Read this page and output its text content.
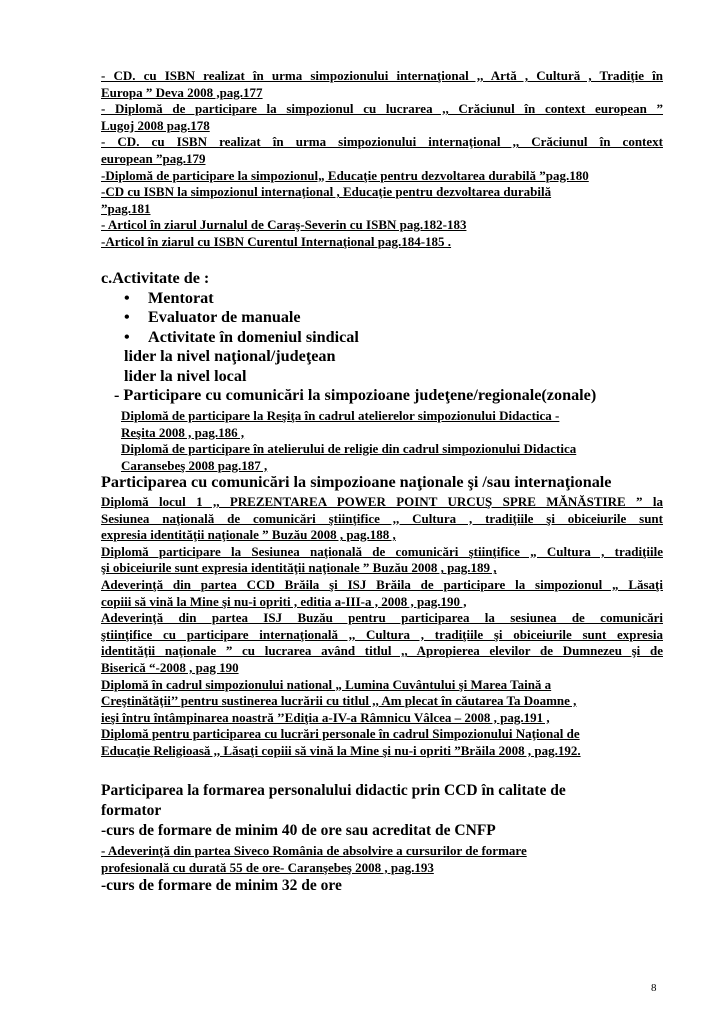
- CD. cu ISBN realizat în urma simpozionului internaţional ,, Artă , Cultură , Tradiţie în
Europa ” Deva 2008 ,pag.177
- Diplomă de participare la simpozionul cu lucrarea ,, Crăciunul în context european ”
Lugoj 2008 pag.178
- CD. cu ISBN realizat în urma simpozionului internaţional ,, Crăciunul în context
european ”pag.179
-Diplomă de participare la simpozionul„ Educaţie pentru dezvoltarea durabilă ”pag.180
-CD cu ISBN la simpozionul internaţional , Educaţie pentru dezvoltarea durabilă
”pag.181
- Articol în ziarul Jurnalul de Caraş-Severin cu ISBN pag.182-183
-Articol în ziarul cu ISBN Curentul Internaţional pag.184-185 .
c.Activitate de :
• Mentorat
• Evaluator de manuale
• Activitate în domeniul sindical
lider la nivel naţional/judeţean
lider la nivel local
- Participare cu comunicări la simpozioane judeţene/regionale(zonale)
Diplomă de participare la Reşiţa în cadrul atelierelor simpozionului Didactica -
Reşita 2008 , pag.186 ,
Diplomă de participare în atelierului de religie din cadrul simpozionului Didactica
Caransebeş 2008 pag.187 ,
Participarea cu comunicări la simpozioane naţionale şi /sau internaţionale
Diplomă locul 1 ,, PREZENTAREA POWER POINT URCUŞ SPRE MĂNĂSTIRE ” la
Sesiunea naţională de comunicări ştiinţifice ,, Cultura , tradiţiile şi obiceiurile sunt
expresia identităţii naţionale ” Buzău 2008 , pag.188 ,
Diplomă participare la Sesiunea naţională de comunicări ştiinţifice „ Cultura , tradiţiile
şi obiceiurile sunt expresia identităţii naţionale ” Buzău 2008 , pag.189 ,
Adeverinţă din partea CCD Brăila şi ISJ Brăila de participare la simpozionul „ Lăsaţi
copiii să vină la Mine şi nu-i opriti , editia a-III-a , 2008 , pag.190 ,
Adeverinţă din partea ISJ Buzău pentru participarea la sesiunea de comunicări
ştiinţifice cu participare internaţională ,, Cultura , tradiţiile şi obiceiurile sunt expresia
identităţii naţionale ” cu lucrarea având titlul ,, Apropierea elevilor de Dumnezeu şi de
Biserică “-2008 , pag 190
Diplomă în cadrul simpozionului national „ Lumina Cuvântului şi Marea Taină a
Creştinătăţii’’ pentru sustinerea lucrării cu titlul ,, Am plecat în căutarea Ta Doamne ,
ieşi întru întâmpinarea noastră ’’Ediţia a-IV-a Râmnicu Vâlcea – 2008 , pag.191 ,
Diplomă pentru participarea cu lucrări personale în cadrul Simpozionului Naţional de
Educaţie Religioasă ,, Lăsaţi copiii să vină la Mine şi nu-i opriti ”Brăila 2008 , pag.192.
Participarea la formarea personalului didactic prin CCD în calitate de
formator
-curs de formare de minim 40 de ore sau acreditat de CNFP
- Adeverinţă din partea Siveco România de absolvire a cursurilor de formare
profesională cu durată 55 de ore- Caranşebeş 2008 , pag.193
-curs de formare de minim 32 de ore
8
